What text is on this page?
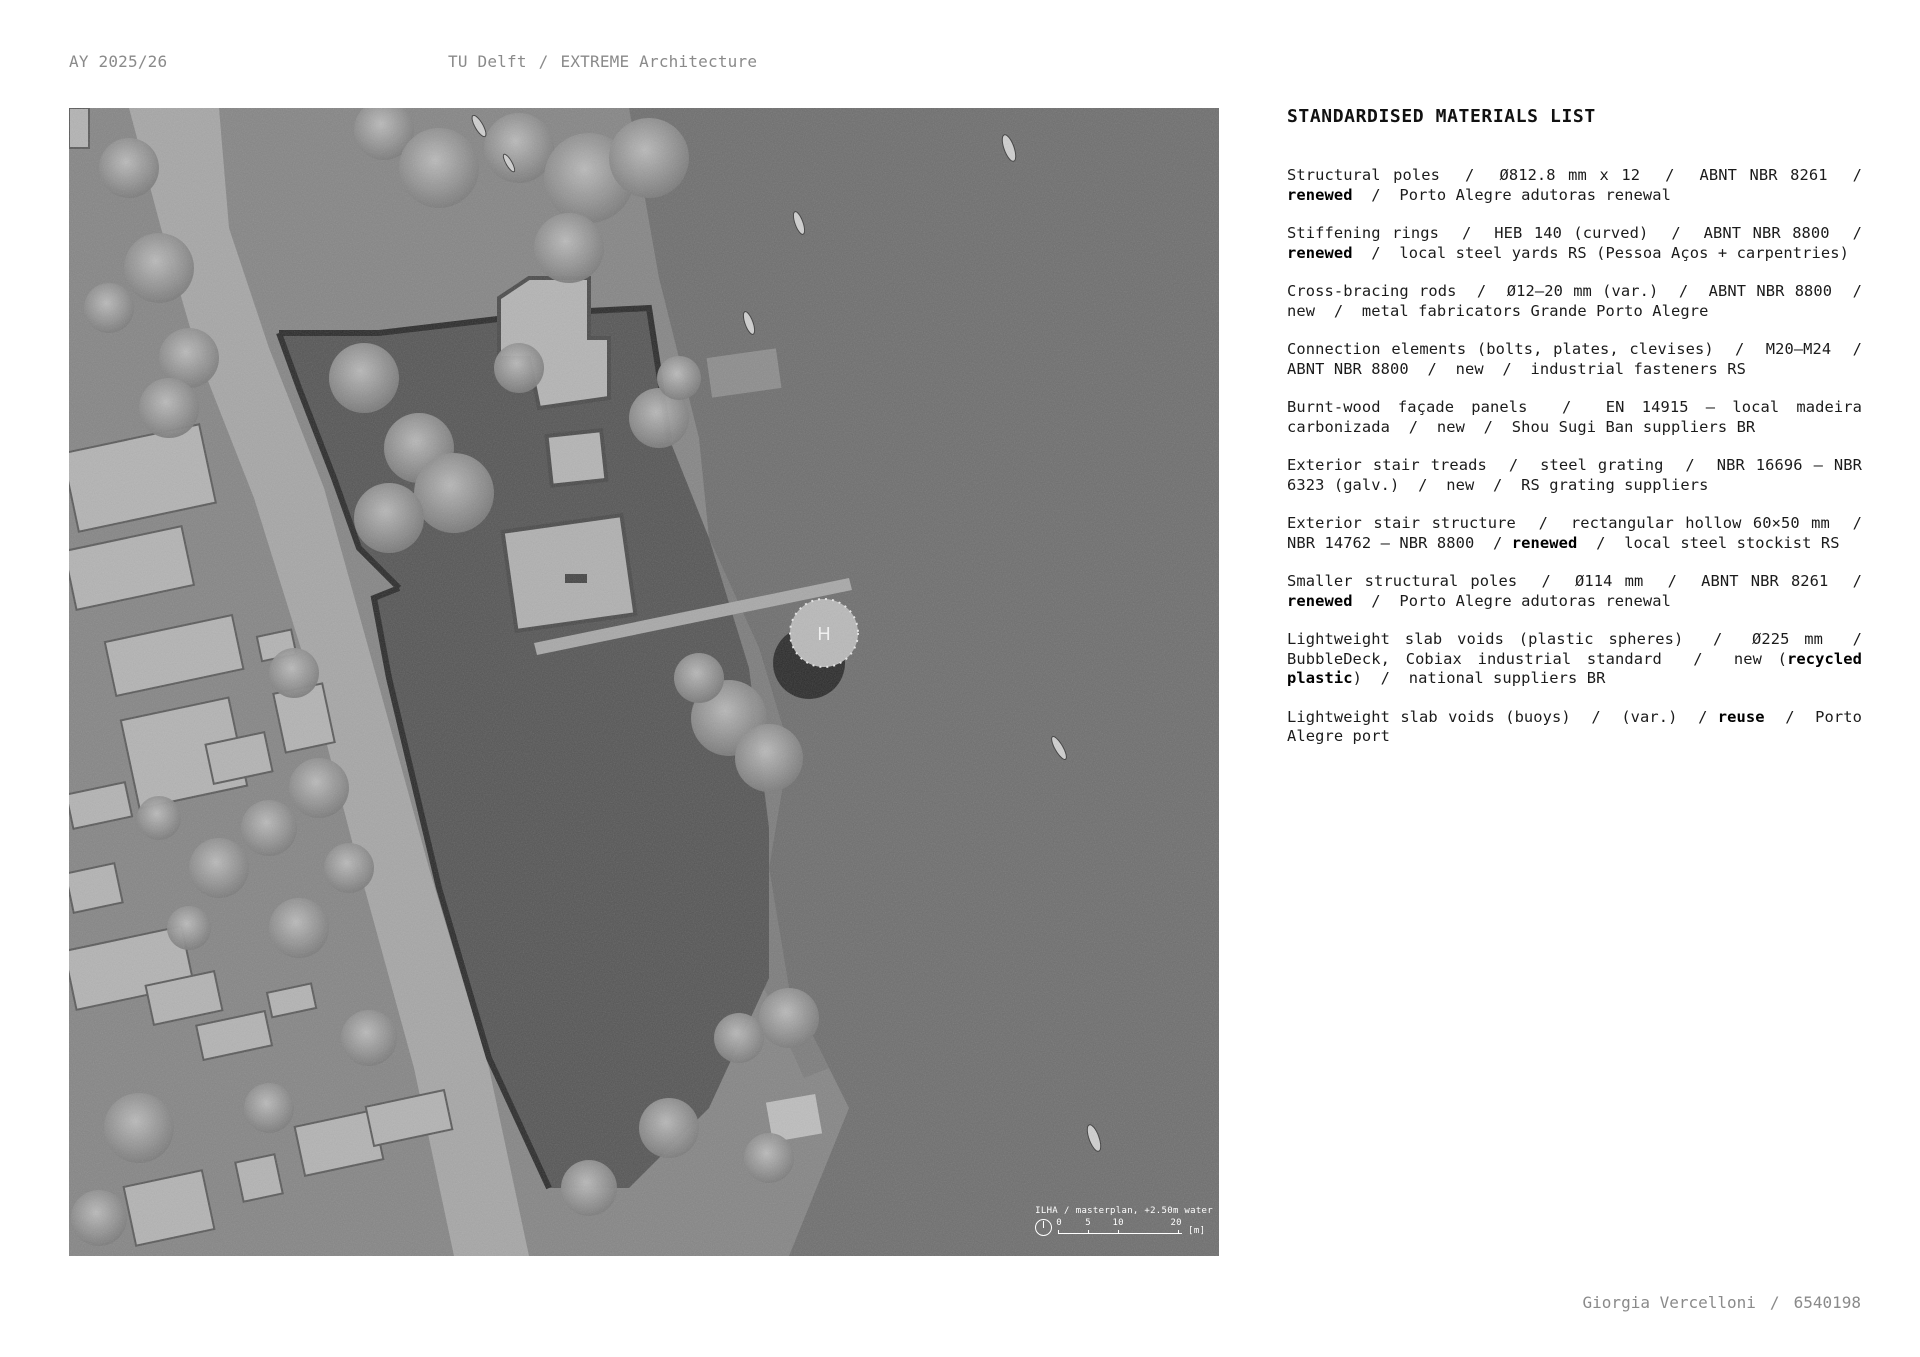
AY 2025/26	TU Delft / EXTREME Architecture
H
ILHA / masterplan, +2.50m water
0	5 10	20
[m]
STANDARDISED MATERIALS LIST
Structural poles  /  Ø812.8 mm x 12  /  ABNT NBR 8261  / renewed  /  Porto Alegre adutoras renewal
Stiffening rings  /  HEB 140 (curved)  /  ABNT NBR 8800  / renewed  /  local steel yards RS (Pessoa Aços + carpentries)
Cross-bracing rods  /  Ø12–20 mm (var.)  /  ABNT NBR 8800  /  new  /  metal fabricators Grande Porto Alegre
Connection elements (bolts, plates, clevises)  /  M20–M24  /  ABNT NBR 8800  /  new  /  industrial fasteners RS
Burnt-wood façade panels  /  EN 14915 – local madeira carbonizada  /  new  /  Shou Sugi Ban suppliers BR
Exterior stair treads  /  steel grating  /  NBR 16696 – NBR 6323 (galv.)  /  new  /  RS grating suppliers
Exterior stair structure  /  rectangular hollow 60×50 mm  /  NBR 14762 – NBR 8800  / renewed  /  local steel stockist RS
Smaller structural poles  /  Ø114 mm  /  ABNT NBR 8261  / renewed  /  Porto Alegre adutoras renewal
Lightweight slab voids (plastic spheres)  /  Ø225 mm  / BubbleDeck, Cobiax industrial standard  /  new (recycled plastic)  /  national suppliers BR
Lightweight slab voids (buoys)  /  (var.)  / reuse  /  Porto Alegre port
Giorgia Vercelloni / 6540198
